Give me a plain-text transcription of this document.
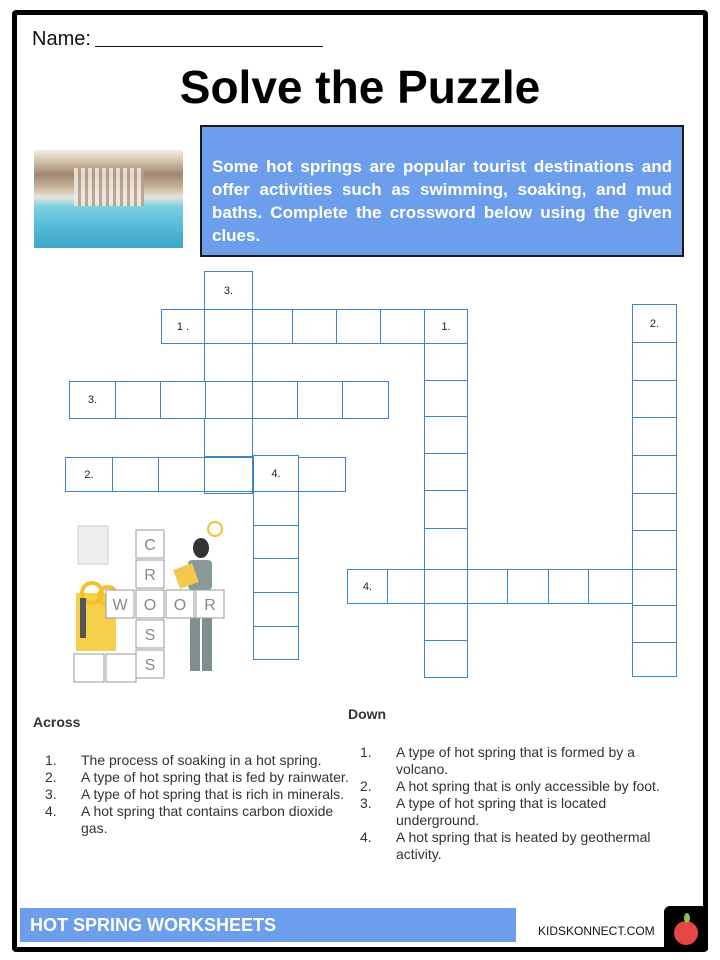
Name:
Solve the Puzzle
Some hot springs are popular tourist destinations and offer activities such as swimming, soaking, and mud baths. Complete the crossword below using the given clues.
3.
1 .	1.
3.
2.	4.
4.
2.
C
R
O
S
S
W	O R
Across
1. The process of soaking in a hot spring.
2. A type of hot spring that is fed by rainwater.
3. A type of hot spring that is rich in minerals.
4. A hot spring that contains carbon dioxide gas.
Down
1. A type of hot spring that is formed by a volcano.
2. A hot spring that is only accessible by foot.
3. A type of hot spring that is located underground.
4. A hot spring that is heated by geothermal activity.
HOT SPRING WORKSHEETS	KIDSKONNECT.COM
